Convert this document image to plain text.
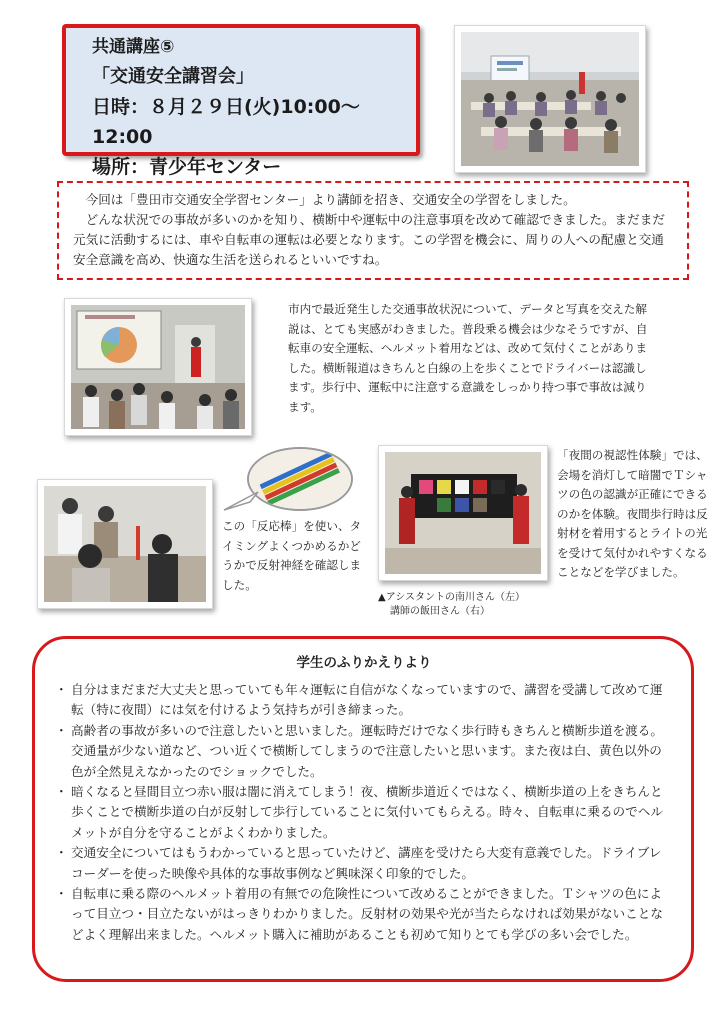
共通講座⑤
「交通安全講習会」
日時：８月２９日(火)10:00～12:00
場所：青少年センター

今回は「豊田市交通安全学習センター」より講師を招き、交通安全の学習をしました。

どんな状況での事故が多いのかを知り、横断中や運転中の注意事項を改めて確認できました。まだまだ元気に活動するには、車や自転車の運転は必要となります。この学習を機会に、周りの人への配慮と交通安全意識を高め、快適な生活を送られるといいですね。

市内で最近発生した交通事故状況について、データと写真を交えた解説は、とても実感がわきました。普段乗る機会は少なそうですが、自転車の安全運転、ヘルメット着用などは、改めて気付くことがありました。横断報道はきちんと白線の上を歩くことでドライバーは認識します。歩行中、運転中に注意する意識をしっかり持つ事で事故は減ります。
この「反応棒」を使い、タイミングよくつかめるかどうかで反射神経を確認しました。
▲アシスタントの南川さん（左）
講師の飯田さん（右）
「夜間の視認性体験」では、会場を消灯して暗闇でＴシャツの色の認識が正確にできるのかを体験。夜間歩行時は反射材を着用するとライトの光を受けて気付かれやすくなることなどを学びました。
学生のふりかえりより
・ 自分はまだまだ大丈夫と思っていても年々運転に自信がなくなっていますので、講習を受講して改めて運転（特に夜間）には気を付けるよう気持ちが引き締まった。
・ 高齢者の事故が多いので注意したいと思いました。運転時だけでなく歩行時もきちんと横断歩道を渡る。交通量が少ない道など、つい近くで横断してしまうので注意したいと思います。また夜は白、黄色以外の色が全然見えなかったのでショックでした。
・ 暗くなると昼間目立つ赤い服は闇に消えてしまう！夜、横断歩道近くではなく、横断歩道の上をきちんと歩くことで横断歩道の白が反射して歩行していることに気付いてもらえる。時々、自転車に乗るのでヘルメットが自分を守ることがよくわかりました。
・ 交通安全についてはもうわかっていると思っていたけど、講座を受けたら大変有意義でした。ドライブレコーダーを使った映像や具体的な事故事例など興味深く印象的でした。
・ 自転車に乗る際のヘルメット着用の有無での危険性について改めることができました。Ｔシャツの色によって目立つ・目立たないがはっきりわかりました。反射材の効果や光が当たらなければ効果がないことなどよく理解出来ました。ヘルメット購入に補助があることも初めて知りとても学びの多い会でした。
